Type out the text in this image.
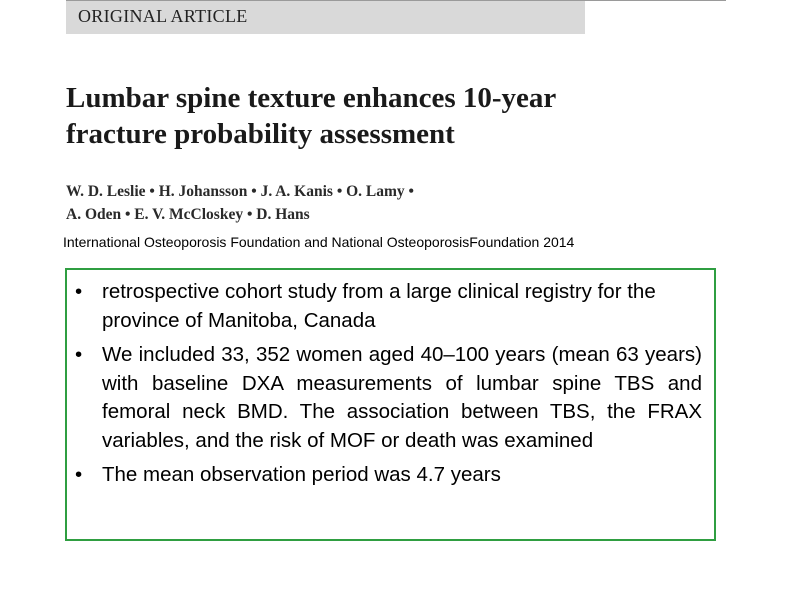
ORIGINAL ARTICLE
Lumbar spine texture enhances 10-year
fracture probability assessment
W. D. Leslie • H. Johansson • J. A. Kanis • O. Lamy •
A. Oden • E. V. McCloskey • D. Hans
International Osteoporosis Foundation and National OsteoporosisFoundation 2014
• retrospective cohort study from a large clinical registry for the province of Manitoba, Canada
• We included 33, 352 women aged 40–100 years (mean 63 years) with baseline DXA measurements of lumbar spine TBS and femoral neck BMD. The association between TBS, the FRAX variables, and the risk of MOF or death was examined
• The mean observation period was 4.7 years
